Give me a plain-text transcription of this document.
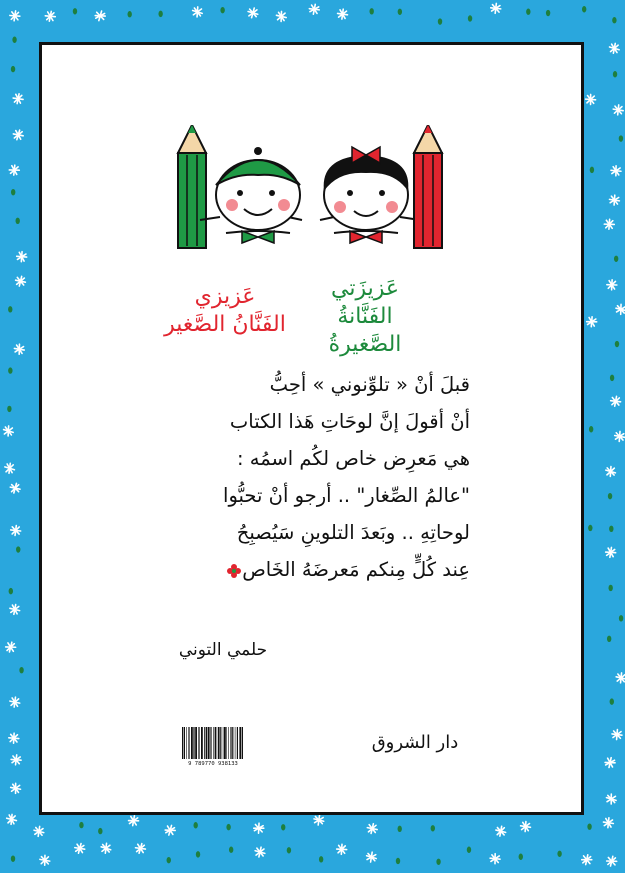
عَزيزَتي
الفَنَّانةُ الصَّغيرةُ
عَزيزي
الفَنَّانُ الصَّغير
قبلَ أنْ « تلوِّنوني » أحِبُّ
أنْ أقولَ إنَّ لوحَاتِ هَذا الكتاب
هي مَعرِض خاص لكُم اسمُه :
"عالمُ الصِّغار" .. أرجو أنْ تحبُّوا
لوحاتِهِ .. وبَعدَ التلوينِ سَيُصبِحُ
عِند كُلٍّ مِنكم مَعرضَهُ الخَاص
حلمي التوني
9 789770 938133
دار الشروق
